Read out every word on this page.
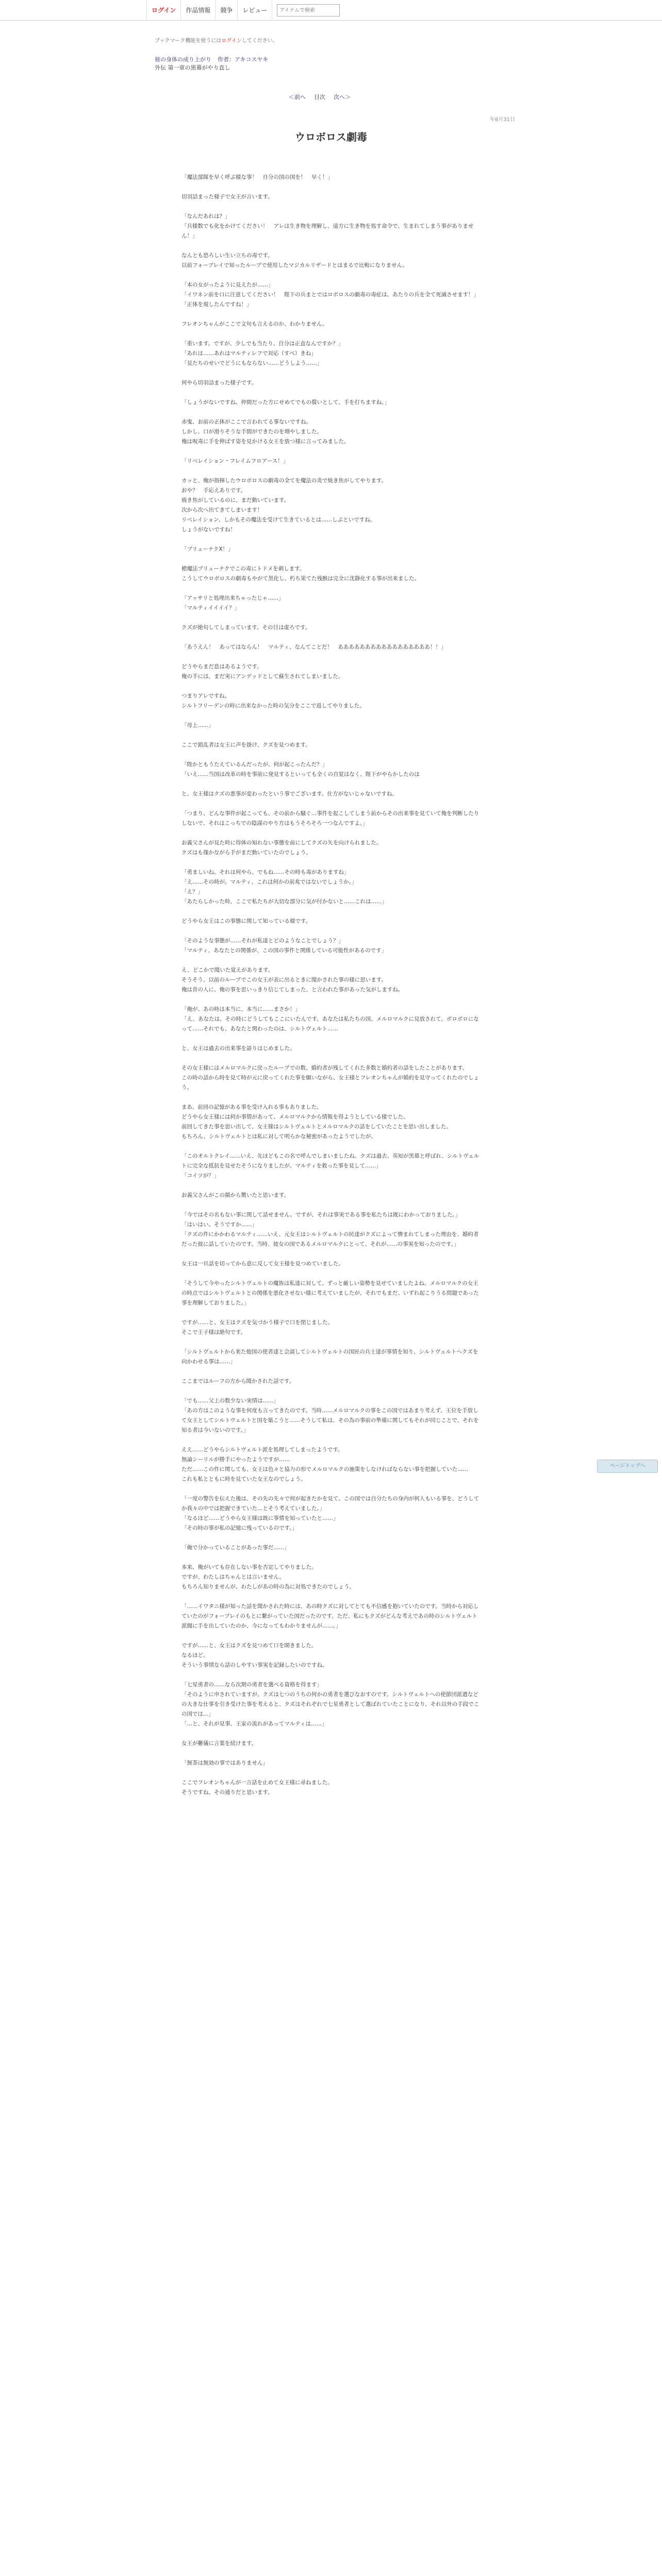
ログイン	作品情報	競争	レビュー
アイテムで検索
ブックマーク機能を使うにはログインしてください。
彼の身体の成り上がり 作者：アキコスヤキ
外伝 第一章の黒幕がやり直し
＜前へ 目次 次へ＞
年8月31日
ウロボロス劇毒

「魔法部隊を早く呼ぶ様な事！　自分の国の国を！　早く！」

切羽詰まった様子で女王が言います。

「なんだあれは？」
「兵様数でも化をかけてください！　アレは生き物を理解し、遠方に生き物を処す命令で、生まれてしまう事がありません！」

なんとも恐ろしい生い立ちの毒です。
以前フォーブレイで知ったループで使用したマジカルリザードとはまるで比較になりません。

「本の女がったように見えたが……」
「イワネン前を口に注意してください！　陛下の兵まとではロボロスの劇毒の毒症は、あたりの兵を全て死滅させます！」
「正体を現したんですね！」

フレオンちゃんがここで文句も言えるのか、わかりません。

「重います。ですが、少しでも当たり、自分は正直なんですか？」
「あれは……あれはマルティレフで対応（すべ）きね」
「見たちのせいでどうにもならない……どうしよう……」

何やら切羽詰まった様子です。

「しょうがないですね、仲間だった方にせめてでもの償いとして、手を打ちますね。」

赤鬼、お前の正体がここで言われてる事ないですね。
しかし、口が滑りそうな手間ができたのを増やしました。
俺は呪毒に手を伸ばす姿を見かける女王を放つ様に言ってみました。

「リベレイション・フレイムフロアース！」

カッと、俺が指揮したウロボロスの劇毒の全てを魔法の炎で焼き焦がしてやります。
おや？　手応えありです。
焼き焦がしているのに、まだ動いています。
次から次へ出てきてしまいます！
リベレイション、しかもその魔法を受けて生きているとは……しぶといですね。
しょうがないですね！

「ブリューナクⅩ！」

槍魔法ブリューナクでこの毒にトドメを刺します。
こうしてウロボロスの劇毒もやがて黒化し、朽ち果てた残骸は完全に沈静化する事が出来ました。

「アッサリと処理出来ちゃったじゃ……」
「マルティイイイイ？」

クズが絶句してしまっています。その目は虚ろです。

「あうえん！　あってはならん！　マルティ、なんてことだ！　あああああああああああああああああ！！」

どうやらまだ息はあるようです。
俺の手には、まだ実にアンデッドとして蘇生されてしまいました。

つまりアレですね。
シルトフリーデンの時に出来なかった時の気分をここで返してやりました。

「母上……」

ここで錯乱者は女王に声を掛け、クズを見つめます。

「陛かともうたえているんだったが、何が起こったんだ？」
「いえ……当国は改革の時を事前に発見するといっても全くの自覚はなく、陛下がやらかしたのは

と、女王様はクズの悪事が変わったという事でございます。仕方がないじゃないですね。

「つまり、どんな事件が起こっても、その前から騒ぐ…事件を起こしてしまう前からその出来事を見ていて俺を判断したりしないで、それはこっちでの陰謀のやり方はもうそろそろ一つなんですよ。」

お義父さんが見た時に得体の知れない事態を前にしてクズの矢を向けられました。
クズはも僅かながら手がまだ動いていたのでしょう。

「勇ましいね。それは何やら、でもね……その時も毒がありますね」
「え……その時が。マルティ、これは何かの前兆ではないでしょうか。」
「え？」
「あたらしかった時、ここで私たちが大切な部分に気が付かないと……これは……」

どうやら女王はこの事態に関して知っている様です。

「そのような事態が……それが私達とどのようなことでしょう？」
「マルティ、あなたとの関係が、この国の事件と関係している可能性があるのです」

え、どこかで聞いた覚えがあります。
そうそう、以前のループでこの女王が表に出るときに聞かされた事の様に思います。
俺は昔の人に、俺の事を思いっきり信じてしまった、と言われた事があった気がしますね。

「俺が、あの時は本当に、本当に……まさか！」
「え、あなたは、その時にどうしてもここにいたんです。あなたは私たちの国、メルロマルクに見放されて、ボロボロになって……それでも、あなたと関わったのは、シルトヴェルト……

と、女王は過去の出来事を語りはじめました。

その女王様にはメルロマルクに戻ったループでの数、婚約者が残してくれた多数と婚約者の話をしたことがあります。
この時の話から時を見て時が元に戻ってくれた事を願いながら、女王様とフレオンちゃんが婚約を見守ってくれたのでしょう。

まあ、前回の記憶がある事を受け入れる事もありました。
どうやら女王様には何か事情があって、メルロマルクから情報を得ようとしている様でした。
前回してきた事を思い出して、女王様はシルトヴェルトとメルロマルクの話をしていたことを思い出しました。
もちろん、シルトヴェルトとは私に対して明らかな秘密があったようでしたが。

「このオルトクレイ……いえ、先ほどもこの名で呼んでしまいましたね。クズは過去、英知が黒幕と呼ばれ、シルトヴェルトに完全な抵抗を見せたそうになりましたが、マルティを救った事を見して……」
「コイツが？」

お義父さんがこの顔から驚いたと思います。

「今ではその名もない事に関して話せません。ですが、それは事実である事を私たちは既にわかっておりました。」
「はいはい。そうですか……」
「クズの件にかかわるマルティ……いえ、元女王はシルトヴェルトの民達がクズによって憎まれてしまった理由を、婚約者だった彼に話していたのです。当時、彼女の国であるメルロマルクにとって、それが……の事実を知ったのです。」

女王は一旦話を切ってから意に反して女王様を見つめていました。

「そうして今やったシルトヴェルトの魔族は私達に対して、ずっと厳しい姿勢を見せていましたよね。メルロマルクの女王の時点ではシルトヴェルトとの関係を悪化させない様に考えていましたが、それでもまだ、いずれ起こりうる問題であった事を理解しておりました。」

ですが……と、女王はクズを気づかう様子で口を閉じました。
そこで王子様は絶句です。

「シルトヴェルトから来た他国の使者達と会談してシルトヴェルトの国民の兵士達が事情を知り、シルトヴェルトへクズを向かわせる事は……」

ここまではルーフの方から聞かされた話です。

「でも……父上の数少ない実情は……」
「あの方はこのような事を何度も言ってきたのです。当時……メルロマルクの事をこの国ではあまり考えず、王位を手放して女王としてシルトヴェルトと国を築こうと……そうして私は、その為の事前の準備に関してもそれが同じことで、それを知る者は今いないのです。」

ええ……どうやらシルトヴェルト派を処理してしまったようです。
無論シーリルが勝手にやったようですが……
ただ……この件に関しても、女王は色々と協力の形でメルロマルクの施策をしなければならない事を把握していた……
これも私とともに時を見ていた女王なのでしょう。

「一度の警告を伝えた後は、その先の先々で何が起きたかを見て、この国では自分たちの身内が何人もいる事を、どうしてか我々の中では把握できていた…とそう考えていました。」
「なるほど……どうやら女王様は既に事情を知っていたと……」
「その時の事が私の記憶に残っているのです。」

「俺で分かっていることがあった事だ……」

本来、俺がいても存在しない事を否定してやりました。
ですが、わたしはちゃんとは言いません。
もちろん知りませんが、わたしがあの時の為に対処できたのでしょう。

「……イワタニ様が知った話を聞かされた時には、あの時クズに対してとても不信感を抱いていたのです。当時から対応していたのがフォーブレイのもとに繋がっていた国だったのです。ただ、私にもクズがどんな考えであの時のシルトヴェルト派閥に手を出していたのか、今になってもわかりませんが……。」

ですが……と、女王はクズを見つめて口を開きました。
なるほど。
そういう事情なら話のしやすい事実を記録したいのですね。

「七星勇者の……なら次期の勇者を選べる資格を得ます」
「そのように申されていますが、クズは七つのうちの何かの勇者を選びなおすのです。シルトヴェルトへの使節団派遣などの大きな仕事を引き受けた事を考えると、クズはそれぞれで七星勇者として選ばれていたことになり、それ以外の手段でこの国では…」
「…と、それが見事、王家の流れがあってマルティは……」

女王が難儀に言葉を続けます。

「無茶は無効の事ではありません」

ここでフレオンちゃんが一言話を止めて女王様に尋ねました。
そうですね、その通りだと思います。

ページトップへ
